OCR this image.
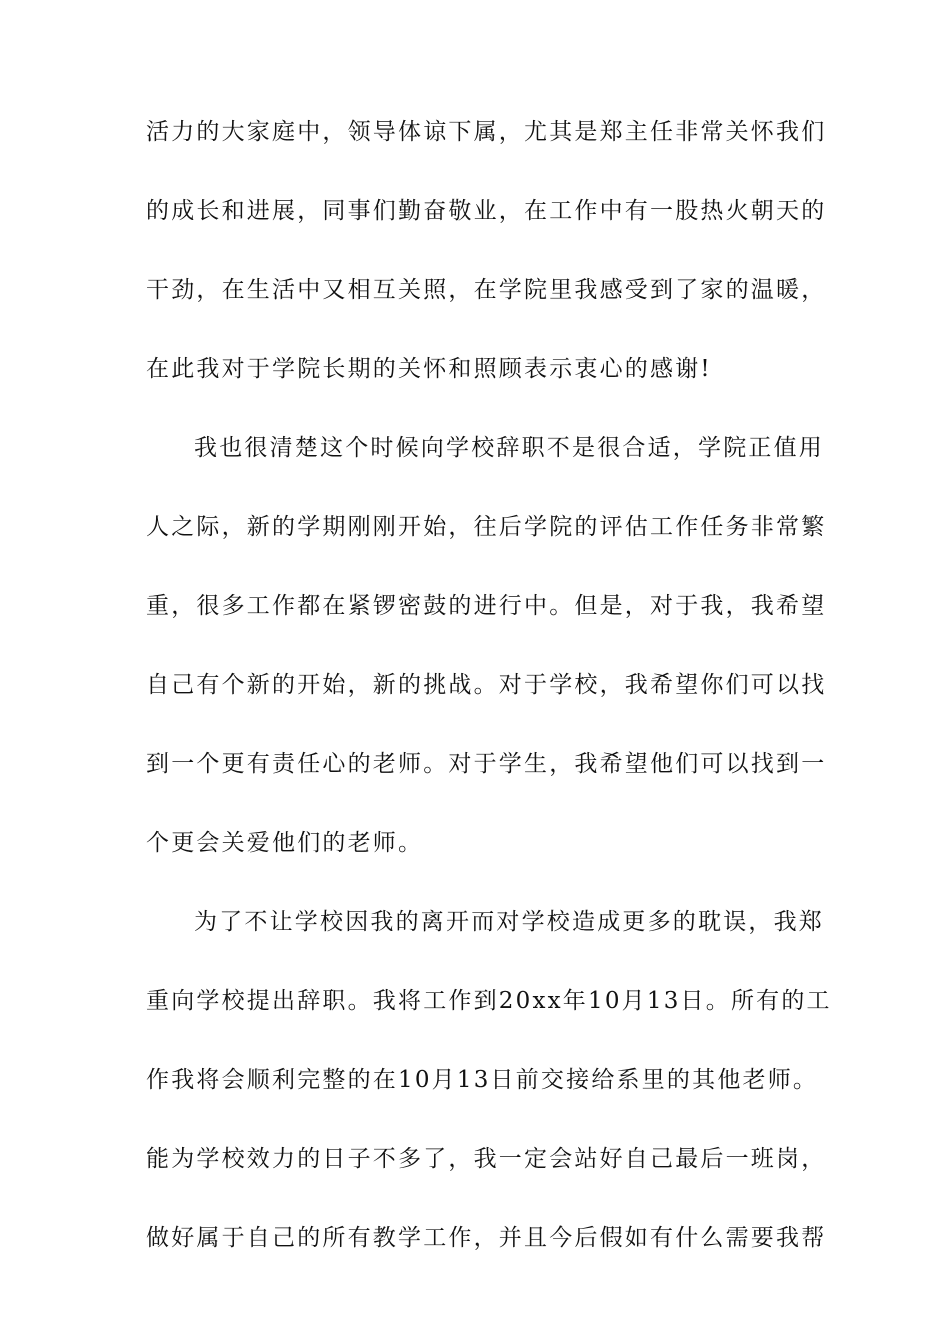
活力的大家庭中，领导体谅下属，尤其是郑主任非常关怀我们
的成长和进展，同事们勤奋敬业，在工作中有一股热火朝天的
干劲，在生活中又相互关照，在学院里我感受到了家的温暖，
在此我对于学院长期的关怀和照顾表示衷心的感谢!
我也很清楚这个时候向学校辞职不是很合适，学院正值用
人之际，新的学期刚刚开始，往后学院的评估工作任务非常繁
重，很多工作都在紧锣密鼓的进行中。但是，对于我，我希望
自己有个新的开始，新的挑战。对于学校，我希望你们可以找
到一个更有责任心的老师。对于学生，我希望他们可以找到一
个更会关爱他们的老师。
为了不让学校因我的离开而对学校造成更多的耽误，我郑
重向学校提出辞职。我将工作到20xx年10月13日。所有的工
作我将会顺利完整的在10月13日前交接给系里的其他老师。
能为学校效力的日子不多了，我一定会站好自己最后一班岗，
做好属于自己的所有教学工作，并且今后假如有什么需要我帮
